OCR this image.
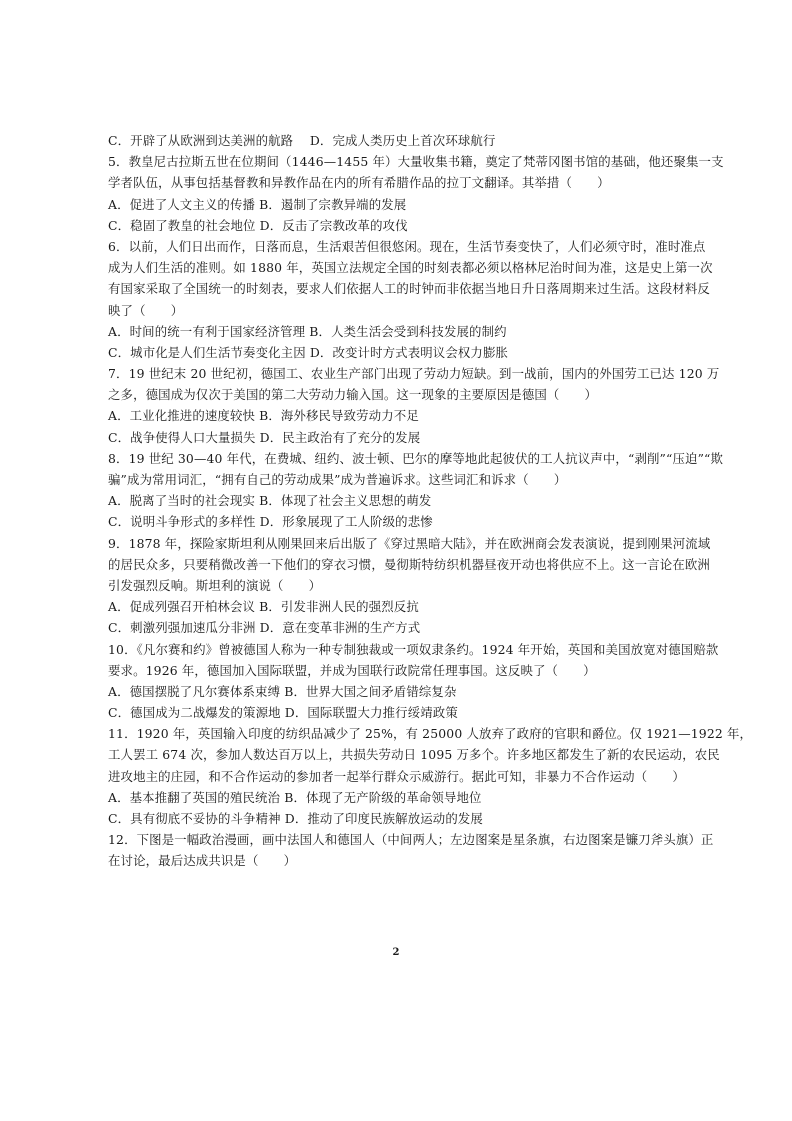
C．开辟了从欧洲到达美洲的航路　 D．完成人类历史上首次环球航行
5．教皇尼古拉斯五世在位期间（1446—1455 年）大量收集书籍，奠定了梵蒂冈图书馆的基础，他还聚集一支
学者队伍，从事包括基督教和异教作品在内的所有希腊作品的拉丁文翻译。其举措（　　）
A．促进了人文主义的传播 B．遏制了宗教异端的发展
C．稳固了教皇的社会地位 D．反击了宗教改革的攻伐
6．以前，人们日出而作，日落而息，生活艰苦但很悠闲。现在，生活节奏变快了，人们必须守时，准时准点
成为人们生活的准则。如 1880 年，英国立法规定全国的时刻表都必须以格林尼治时间为准，这是史上第一次
有国家采取了全国统一的时刻表，要求人们依据人工的时钟而非依据当地日升日落周期来过生活。这段材料反
映了（　　）
A．时间的统一有利于国家经济管理 B．人类生活会受到科技发展的制约
C．城市化是人们生活节奏变化主因 D．改变计时方式表明议会权力膨胀
7．19 世纪末 20 世纪初，德国工、农业生产部门出现了劳动力短缺。到一战前，国内的外国劳工已达 120 万
之多，德国成为仅次于美国的第二大劳动力输入国。这一现象的主要原因是德国（　　）
A．工业化推进的速度较快 B．海外移民导致劳动力不足
C．战争使得人口大量损失 D．民主政治有了充分的发展
8．19 世纪 30—40 年代，在费城、纽约、波士顿、巴尔的摩等地此起彼伏的工人抗议声中，“剥削”“压迫”“欺
骗”成为常用词汇，“拥有自己的劳动成果”成为普遍诉求。这些词汇和诉求（　　）
A．脱离了当时的社会现实 B．体现了社会主义思想的萌发
C．说明斗争形式的多样性 D．形象展现了工人阶级的悲惨
9．1878 年，探险家斯坦利从刚果回来后出版了《穿过黑暗大陆》，并在欧洲商会发表演说，提到刚果河流域
的居民众多，只要稍微改善一下他们的穿衣习惯，曼彻斯特纺织机器昼夜开动也将供应不上。这一言论在欧洲
引发强烈反响。斯坦利的演说（　　）
A．促成列强召开柏林会议 B．引发非洲人民的强烈反抗
C．刺激列强加速瓜分非洲 D．意在变革非洲的生产方式
10．《凡尔赛和约》曾被德国人称为一种专制独裁或一项奴隶条约。1924 年开始，英国和美国放宽对德国赔款
要求。1926 年，德国加入国际联盟，并成为国联行政院常任理事国。这反映了（　　）
A．德国摆脱了凡尔赛体系束缚 B．世界大国之间矛盾错综复杂
C．德国成为二战爆发的策源地 D．国际联盟大力推行绥靖政策
11．1920 年，英国输入印度的纺织品减少了 25%，有 25000 人放弃了政府的官职和爵位。仅 1921—1922 年，
工人罢工 674 次，参加人数达百万以上，共损失劳动日 1095 万多个。许多地区都发生了新的农民运动，农民
进攻地主的庄园，和不合作运动的参加者一起举行群众示威游行。据此可知，非暴力不合作运动（　　）
A．基本推翻了英国的殖民统治 B．体现了无产阶级的革命领导地位
C．具有彻底不妥协的斗争精神 D．推动了印度民族解放运动的发展
12．下图是一幅政治漫画，画中法国人和德国人（中间两人；左边图案是星条旗，右边图案是镰刀斧头旗）正
在讨论，最后达成共识是（　　）
2
